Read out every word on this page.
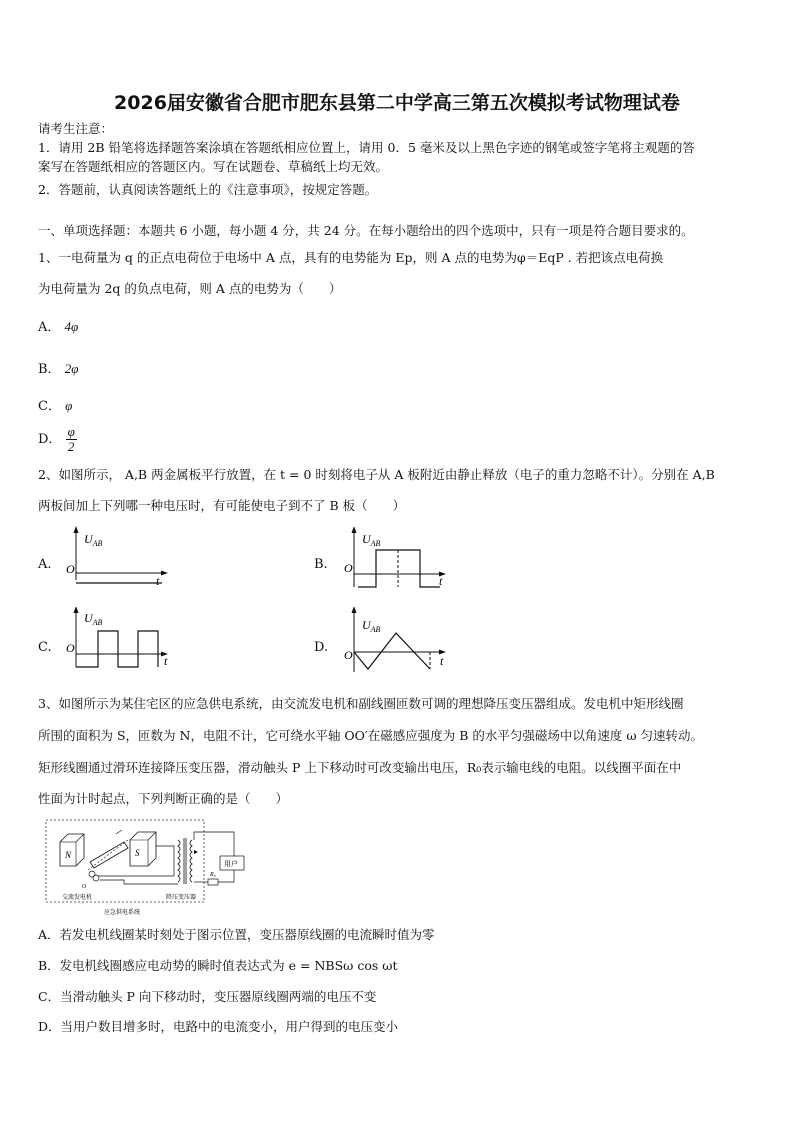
2026届安徽省合肥市肥东县第二中学高三第五次模拟考试物理试卷
请考生注意：
1．请用 2B 铅笔将选择题答案涂填在答题纸相应位置上，请用 0．5 毫米及以上黑色字迹的钢笔或签字笔将主观题的答
案写在答题纸相应的答题区内。写在试题卷、草稿纸上均无效。
2．答题前，认真阅读答题纸上的《注意事项》，按规定答题。
一、单项选择题：本题共 6 小题，每小题 4 分，共 24 分。在每小题给出的四个选项中，只有一项是符合题目要求的。
1、一电荷量为 q 的正点电荷位于电场中 A 点，具有的电势能为 Ep，则 A 点的电势为φ＝EqP . 若把该点电荷换
为电荷量为 2q 的负点电荷，则 A 点的电势为（　　）
A． 4φ
B． 2φ
C． φ
D． $\frac{\varphi}{2}$
2、如图所示， A,B 两金属板平行放置，在 t = 0 时刻将电子从 A 板附近由静止释放（电子的重力忽略不计）。分别在 A,B
两板间加上下列哪一种电压时，有可能使电子到不了 B 板（　　）
A.
$U_{AB}$
O
t
B.
$U_{AB}$
O
t
C.
$U_{AB}$
O
t
D.
$U_{AB}$
O	t
3、如图所示为某住宅区的应急供电系统，由交流发电机和副线圈匝数可调的理想降压变压器组成。发电机中矩形线圈
所围的面积为 S，匝数为 N，电阻不计，它可绕水平轴 OO′在磁感应强度为 B 的水平匀强磁场中以角速度 ω 匀速转动。
矩形线圈通过滑环连接降压变压器，滑动触头 P 上下移动时可改变输出电压，R₀表示输电线的电阻。以线圈平面在中
性面为计时起点，下列判断正确的是（　　）
N	S
O
R₀
用户
交流发电机	降压变压器
应急供电系统
A．若发电机线圈某时刻处于图示位置，变压器原线圈的电流瞬时值为零
B．发电机线圈感应电动势的瞬时值表达式为 e = NBSω cos ωt
C．当滑动触头 P 向下移动时，变压器原线圈两端的电压不变
D．当用户数目增多时，电路中的电流变小，用户得到的电压变小
